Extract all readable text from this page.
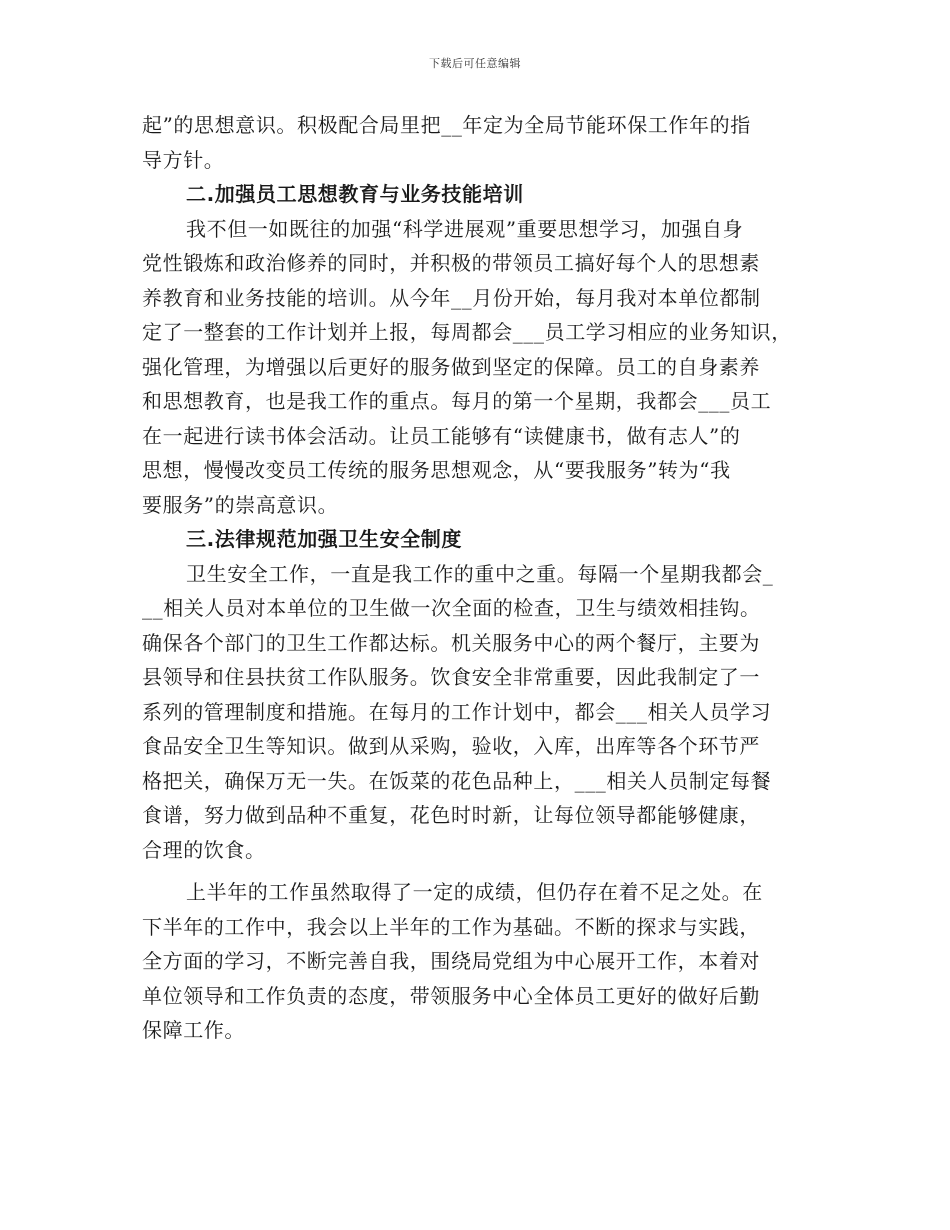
下载后可任意编辑
起”的思想意识。积极配合局里把__年定为全局节能环保工作年的指
导方针。
二.加强员工思想教育与业务技能培训
我不但一如既往的加强“科学进展观”重要思想学习，加强自身
党性锻炼和政治修养的同时，并积极的带领员工搞好每个人的思想素
养教育和业务技能的培训。从今年__月份开始，每月我对本单位都制
定了一整套的工作计划并上报，每周都会___员工学习相应的业务知识，
强化管理，为增强以后更好的服务做到坚定的保障。员工的自身素养
和思想教育，也是我工作的重点。每月的第一个星期，我都会___员工
在一起进行读书体会活动。让员工能够有“读健康书，做有志人”的
思想，慢慢改变员工传统的服务思想观念，从“要我服务”转为“我
要服务”的崇高意识。
三.法律规范加强卫生安全制度
卫生安全工作，一直是我工作的重中之重。每隔一个星期我都会_
__相关人员对本单位的卫生做一次全面的检查，卫生与绩效相挂钩。
确保各个部门的卫生工作都达标。机关服务中心的两个餐厅，主要为
县领导和住县扶贫工作队服务。饮食安全非常重要，因此我制定了一
系列的管理制度和措施。在每月的工作计划中，都会___相关人员学习
食品安全卫生等知识。做到从采购，验收，入库，出库等各个环节严
格把关，确保万无一失。在饭菜的花色品种上，___相关人员制定每餐
食谱，努力做到品种不重复，花色时时新，让每位领导都能够健康，
合理的饮食。
上半年的工作虽然取得了一定的成绩，但仍存在着不足之处。在
下半年的工作中，我会以上半年的工作为基础。不断的探求与实践，
全方面的学习，不断完善自我，围绕局党组为中心展开工作，本着对
单位领导和工作负责的态度，带领服务中心全体员工更好的做好后勤
保障工作。
